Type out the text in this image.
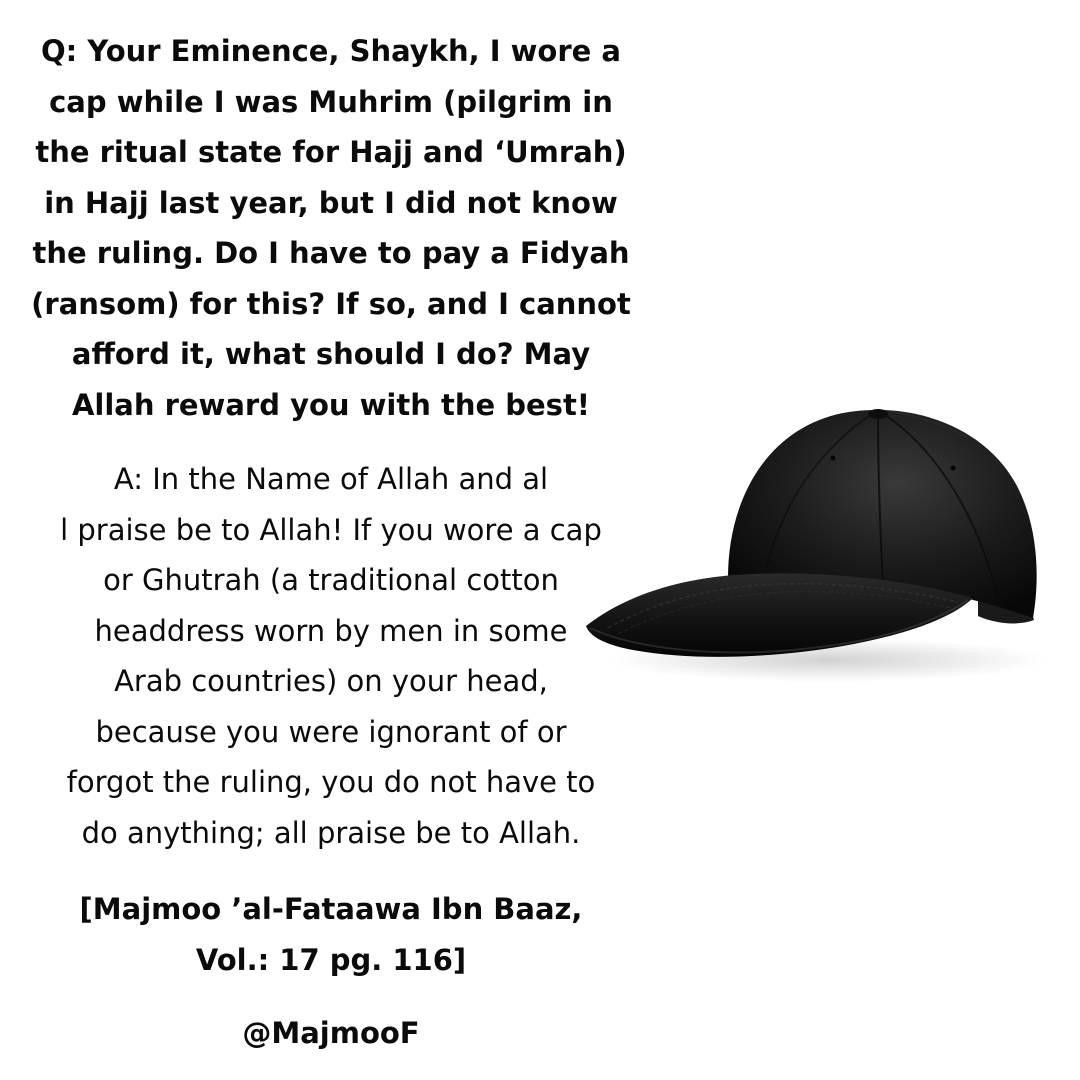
Q: Your Eminence, Shaykh, I wore a
cap while I was Muhrim (pilgrim in
the ritual state for Hajj and ‘Umrah)
in Hajj last year, but I did not know
the ruling. Do I have to pay a Fidyah
(ransom) for this? If so, and I cannot
afford it, what should I do? May
Allah reward you with the best!

A: In the Name of Allah and al
l praise be to Allah! If you wore a cap
or Ghutrah (a traditional cotton
headdress worn by men in some
Arab countries) on your head,
because you were ignorant of or
forgot the ruling, you do not have to
do anything; all praise be to Allah.

[Majmoo ’al-Fataawa Ibn Baaz,
Vol.: 17 pg. 116]

@MajmooF
